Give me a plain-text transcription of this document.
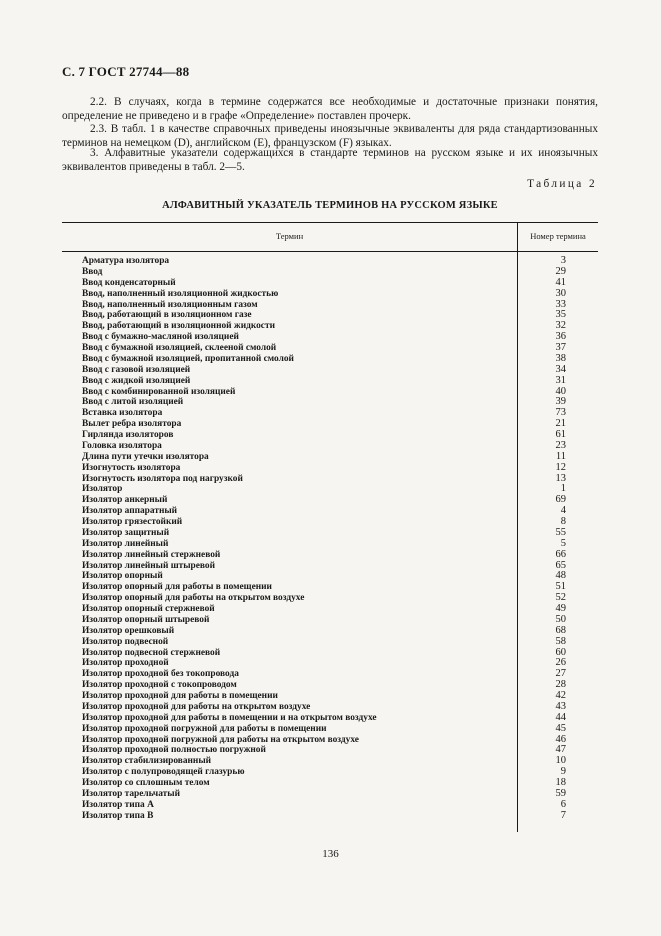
С. 7 ГОСТ 27744—88
2.2. В случаях, когда в термине содержатся все необходимые и достаточные признаки понятия, определение не приведено и в графе «Определение» поставлен прочерк.
2.3. В табл. 1 в качестве справочных приведены иноязычные эквиваленты для ряда стандартизованных терминов на немецком (D), английском (E), французском (F) языках.
3. Алфавитные указатели содержащихся в стандарте терминов на русском языке и их иноязычных эквивалентов приведены в табл. 2—5.
Таблица 2
АЛФАВИТНЫЙ УКАЗАТЕЛЬ ТЕРМИНОВ НА РУССКОМ ЯЗЫКЕ
Термин	Номер термина
Арматура изолятора	3
Ввод	29
Ввод конденсаторный	41
Ввод, наполненный изоляционной жидкостью	30
Ввод, наполненный изоляционным газом	33
Ввод, работающий в изоляционном газе	35
Ввод, работающий в изоляционной жидкости	32
Ввод с бумажно-масляной изоляцией	36
Ввод с бумажной изоляцией, склееной смолой	37
Ввод с бумажной изоляцией, пропитанной смолой	38
Ввод с газовой изоляцией	34
Ввод с жидкой изоляцией	31
Ввод с комбинированной изоляцией	40
Ввод с литой изоляцией	39
Вставка изолятора	73
Вылет ребра изолятора	21
Гирлянда изоляторов	61
Головка изолятора	23
Длина пути утечки изолятора	11
Изогнутость изолятора	12
Изогнутость изолятора под нагрузкой	13
Изолятор	1
Изолятор анкерный	69
Изолятор аппаратный	4
Изолятор грязестойкий	8
Изолятор защитный	55
Изолятор линейный	5
Изолятор линейный стержневой	66
Изолятор линейный штыревой	65
Изолятор опорный	48
Изолятор опорный для работы в помещении	51
Изолятор опорный для работы на открытом воздухе	52
Изолятор опорный стержневой	49
Изолятор опорный штыревой	50
Изолятор орешковый	68
Изолятор подвесной	58
Изолятор подвесной стержневой	60
Изолятор проходной	26
Изолятор проходной без токопровода	27
Изолятор проходной с токопроводом	28
Изолятор проходной для работы в помещении	42
Изолятор проходной для работы на открытом воздухе	43
Изолятор проходной для работы в помещении и на открытом воздухе	44
Изолятор проходной погружной для работы в помещении	45
Изолятор проходной погружной для работы на открытом воздухе	46
Изолятор проходной полностью погружной	47
Изолятор стабилизированный	10
Изолятор с полупроводящей глазурью	9
Изолятор со сплошным телом	18
Изолятор тарельчатый	59
Изолятор типа А	6
Изолятор типа В	7
136
